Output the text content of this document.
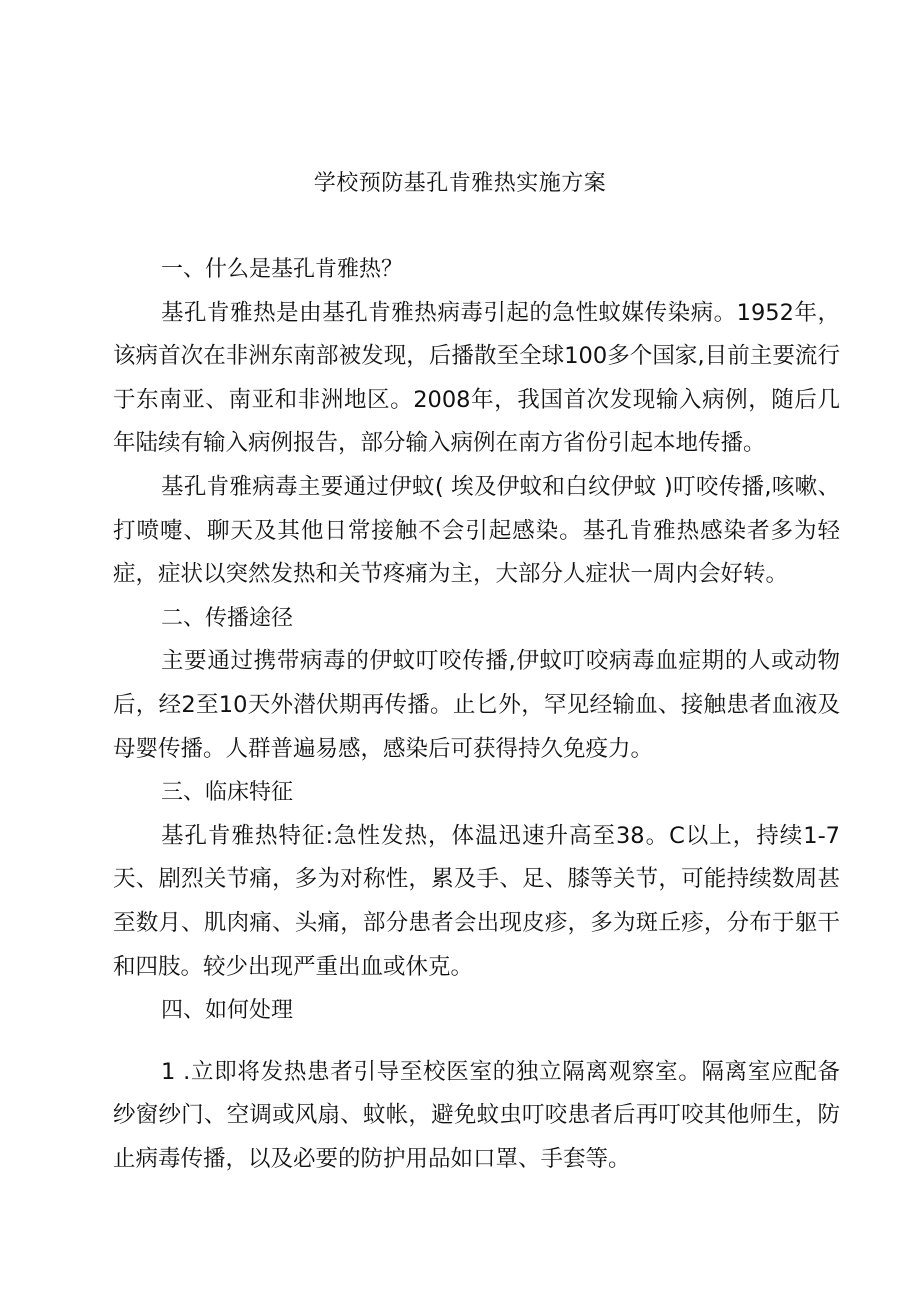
学校预防基孔肯雅热实施方案

一、什么是基孔肯雅热？

基孔肯雅热是由基孔肯雅热病毒引起的急性蚊媒传染病。1952年，该病首次在非洲东南部被发现，后播散至全球100多个国家,目前主要流行于东南亚、南亚和非洲地区。2008年，我国首次发现输入病例，随后几年陆续有输入病例报告，部分输入病例在南方省份引起本地传播。

基孔肯雅病毒主要通过伊蚊( 埃及伊蚊和白纹伊蚊 )叮咬传播,咳嗽、打喷嚏、聊天及其他日常接触不会引起感染。基孔肯雅热感染者多为轻症，症状以突然发热和关节疼痛为主，大部分人症状一周内会好转。

二、传播途径

主要通过携带病毒的伊蚊叮咬传播,伊蚊叮咬病毒血症期的人或动物后，经2至10天外潜伏期再传播。止匕外，罕见经输血、接触患者血液及母婴传播。人群普遍易感，感染后可获得持久免疫力。

三、临床特征

基孔肯雅热特征:急性发热，体温迅速升高至38。C以上，持续1-7天、剧烈关节痛，多为对称性，累及手、足、膝等关节，可能持续数周甚至数月、肌肉痛、头痛，部分患者会出现皮疹，多为斑丘疹，分布于躯干和四肢。较少出现严重出血或休克。

四、如何处理

1 .立即将发热患者引导至校医室的独立隔离观察室。隔离室应配备纱窗纱门、空调或风扇、蚊帐，避免蚊虫叮咬患者后再叮咬其他师生，防止病毒传播，以及必要的防护用品如口罩、手套等。
